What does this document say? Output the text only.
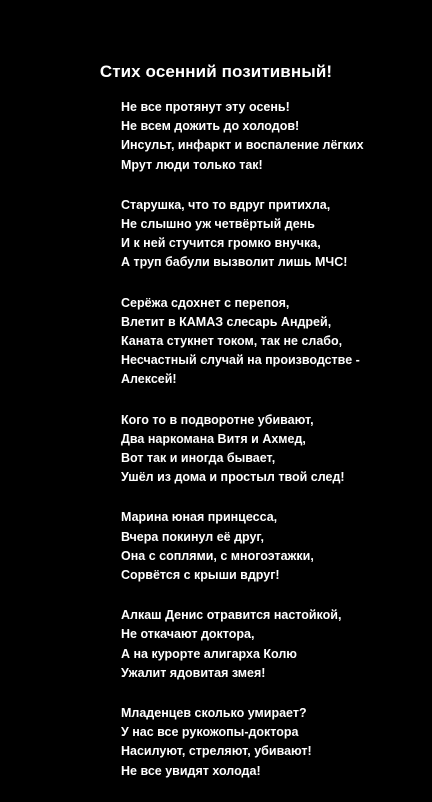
Стих осенний позитивный!
Не все протянут эту осень!
Не всем дожить до холодов!
Инсульт, инфаркт и воспаление лёгких
Мрут люди только так!
Старушка, что то вдруг притихла,
Не слышно уж четвёртый день
И к ней стучится громко внучка,
А труп бабули вызволит лишь МЧС!
Серёжа сдохнет с перепоя,
Влетит в КАМАЗ слесарь Андрей,
Каната стукнет током, так не слабо,
Несчастный случай на производстве -
Алексей!
Кого то в подворотне убивают,
Два наркомана Витя и Ахмед,
Вот так и иногда бывает,
Ушёл из дома и простыл твой след!
Марина юная принцесса,
Вчера покинул её друг,
Она с соплями, с многоэтажки,
Сорвётся с крыши вдруг!
Алкаш Денис отравится настойкой,
Не откачают доктора,
А на курорте алигарха Колю
Ужалит ядовитая змея!
Младенцев сколько умирает?
У нас все рукожопы-доктора
Насилуют, стреляют, убивают!
Не все увидят холода!
